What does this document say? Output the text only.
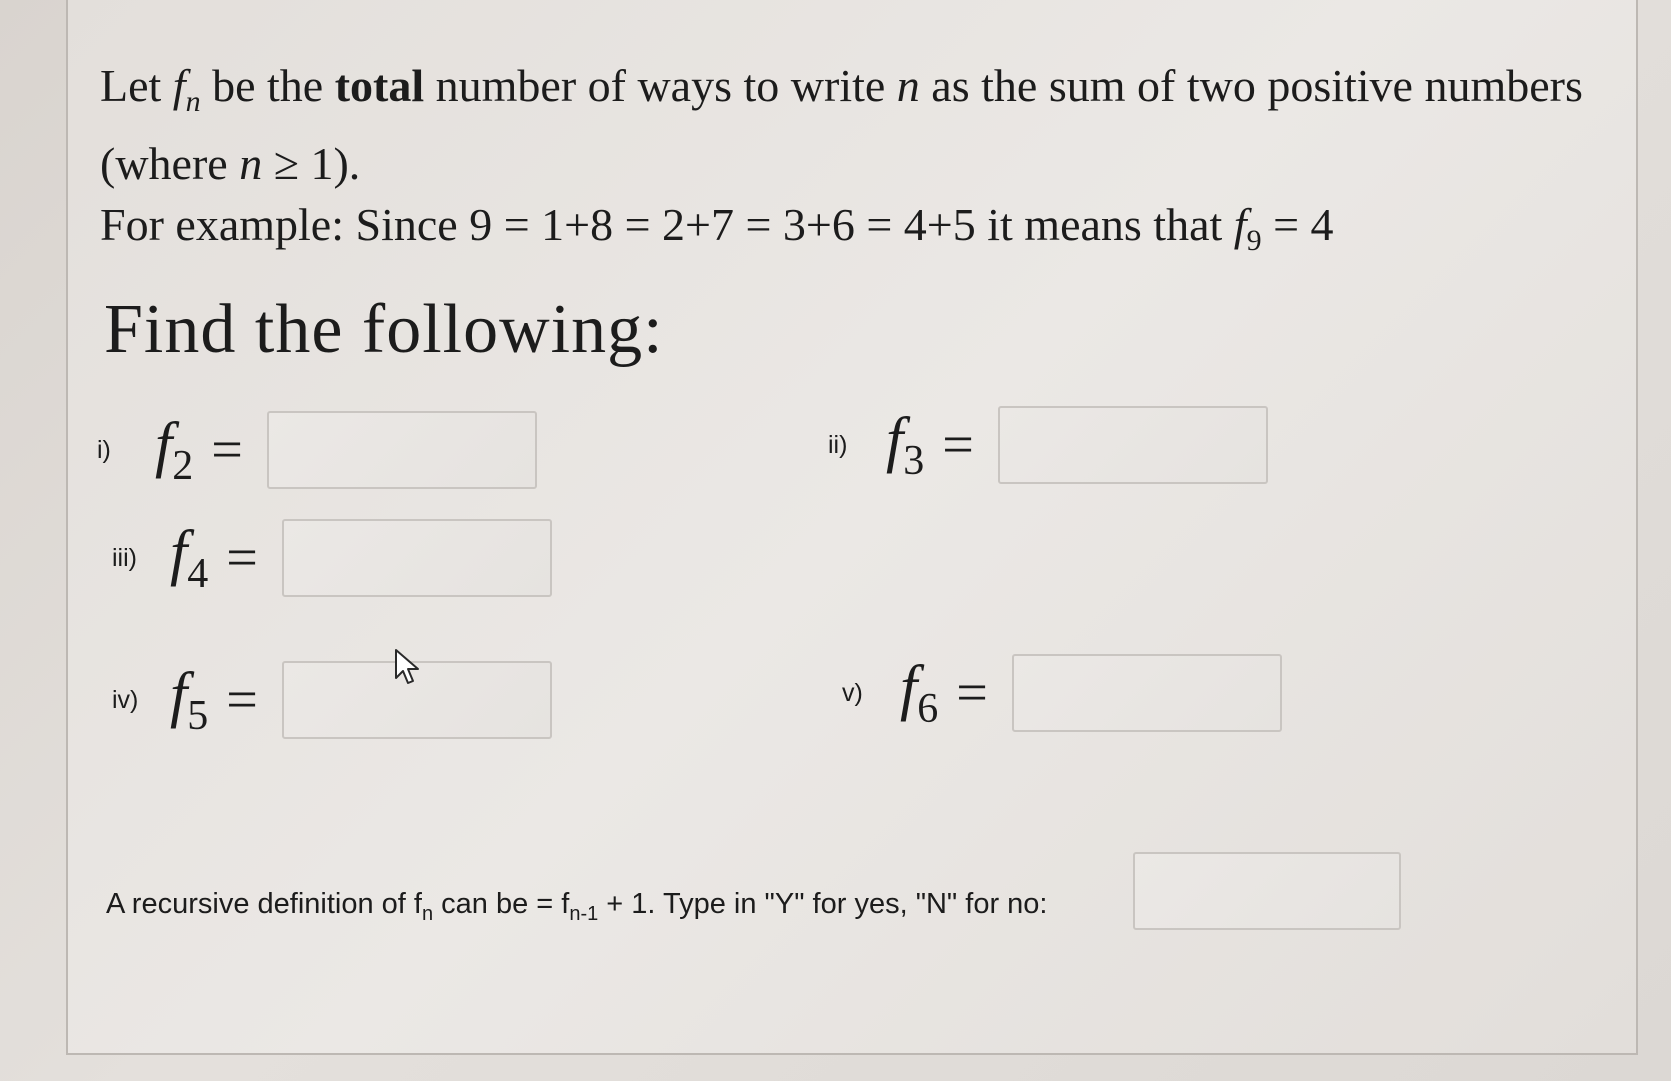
Let $f_n$ be the total number of ways to write n as the sum of two positive numbers (where n ≥ 1).
For example: Since 9 = 1+8 = 2+7 = 3+6 = 4+5 it means that $f_9 = 4$
Find the following:
i) $f_2$ =	ii) $f_3$ =
iii) $f_4$ =
iv) $f_5$ =	v) $f_6$ =
A recursive definition of $f_n$ can be = $f_{n-1} + 1$. Type in "Y" for yes, "N" for no:
